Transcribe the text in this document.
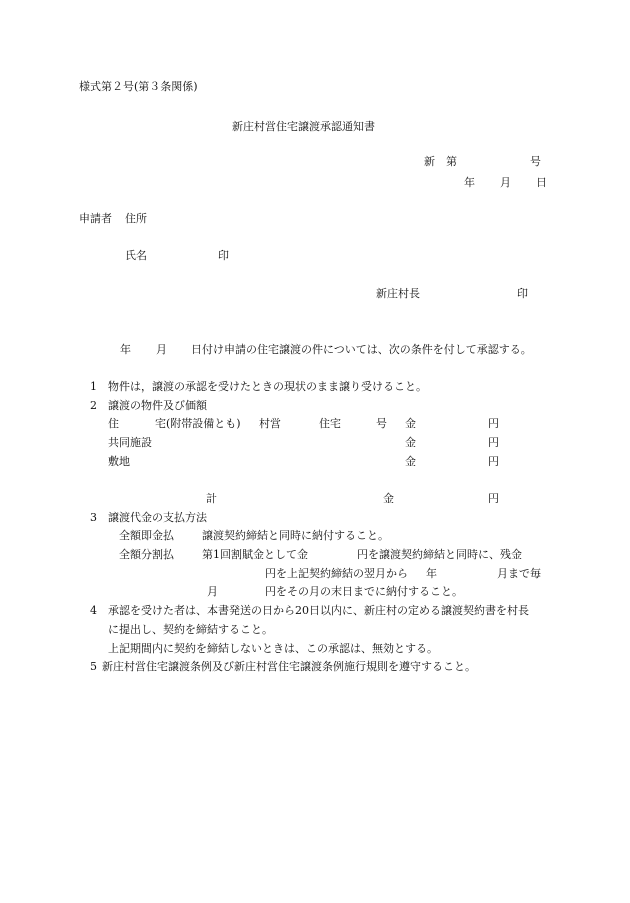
様式第２号(第３条関係)
新庄村営住宅譲渡承認通知書
新　第	号
年 月 日
申請者 住所
氏名	印
新庄村長	印
年 月 日付け申請の住宅譲渡の件については、次の条件を付して承認する。
1 物件は，譲渡の承認を受けたときの現状のまま譲り受けること。
2 譲渡の物件及び価額
住	宅(附帯設備とも) 村営	住宅	号 金	円
共同施設	金	円
敷地	金	円
計	金	円
3 譲渡代金の支払方法
全額即金払	譲渡契約締結と同時に納付すること。
全額分割払	第1回割賦金として金	円を譲渡契約締結と同時に、残金
円を上記契約締結の翌月から 年	月まで毎
月	円をその月の末日までに納付すること。
4 承認を受けた者は、本書発送の日から20日以内に、新庄村の定める譲渡契約書を村長
に提出し、契約を締結すること。
上記期間内に契約を締結しないときは、この承認は、無効とする。
5 新庄村営住宅譲渡条例及び新庄村営住宅譲渡条例施行規則を遵守すること。
